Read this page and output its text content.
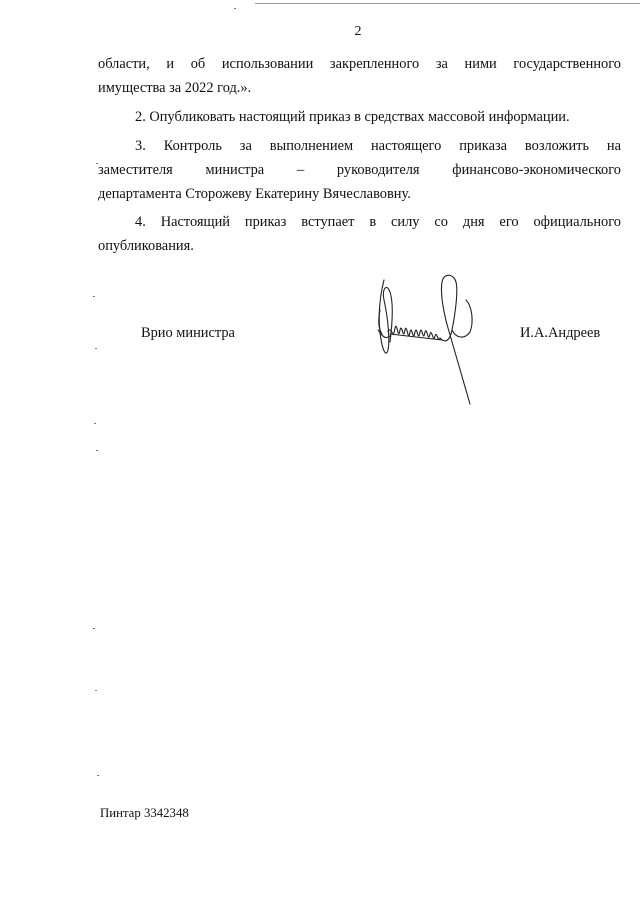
2

области, и об использовании закрепленного за ними государственного
имущества за 2022 год.».

2. Опубликовать настоящий приказ в средствах массовой информации.

3. Контроль за выполнением настоящего приказа возложить на
заместителя министра – руководителя финансово-экономического
департамента Сторожеву Екатерину Вячеславовну.

4. Настоящий приказ вступает в силу со дня его официального
опубликования.

Врио министра	И.А.Андреев
Пинтар 3342348
